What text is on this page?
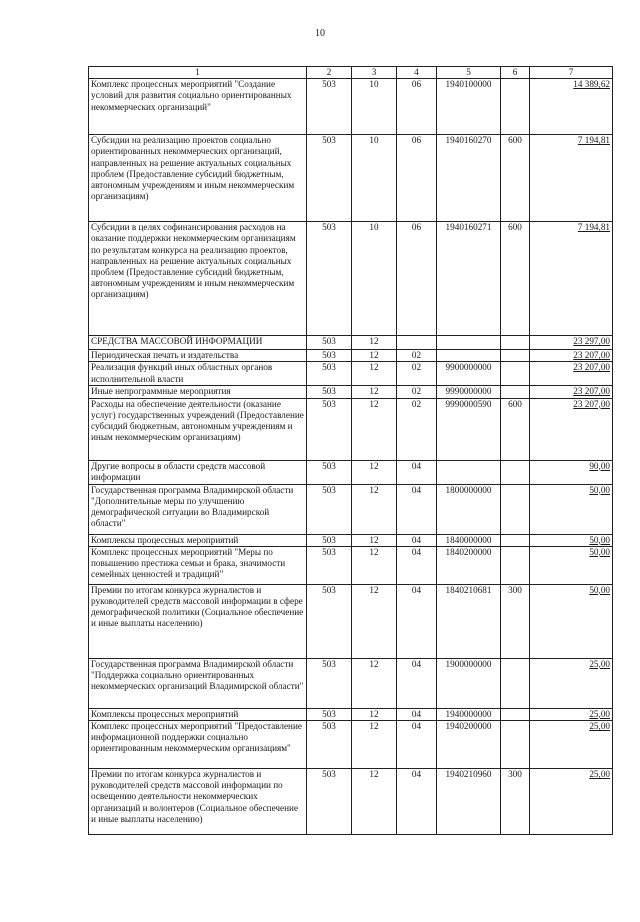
10
1	2	3	4	5	6	7
Комплекс процессных мероприятий "Создание условий для развития социально ориентированных некоммерческих организаций"	503	10	06	1940100000		14 389,62
Субсидии на реализацию проектов социально ориентированных некоммерческих организаций, направленных на решение актуальных социальных проблем (Предоставление субсидий бюджетным, автономным учреждениям и иным некоммерческим организациям)	503	10	06	1940160270	600	7 194,81
Субсидии в целях софинансирования расходов на оказание поддержки некоммерческим организациям по результатам конкурса на реализацию проектов, направленных на решение актуальных социальных проблем (Предоставление субсидий бюджетным, автономным учреждениям и иным некоммерческим организациям)	503	10	06	1940160271	600	7 194,81
СРЕДСТВА МАССОВОЙ ИНФОРМАЦИИ	503	12				23 297,00
Периодическая печать и издательства	503	12	02			23 207,00
Реализация функций иных областных органов исполнительной власти	503	12	02	9900000000		23 207,00
Иные непрограммные мероприятия	503	12	02	9990000000		23 207,00
Расходы на обеспечение деятельности (оказание услуг) государственных учреждений (Предоставление субсидий бюджетным, автономным учреждениям и иным некоммерческим организациям)	503	12	02	9990000590	600	23 207,00
Другие вопросы в области средств массовой информации	503	12	04			90,00
Государственная программа Владимирской области "Дополнительные меры по улучшению демографической ситуации во Владимирской области"	503	12	04	1800000000		50,00
Комплексы процессных мероприятий	503	12	04	1840000000		50,00
Комплекс процессных мероприятий "Меры по повышению престижа семьи и брака, значимости семейных ценностей и традиций"	503	12	04	1840200000		50,00
Премии по итогам конкурса журналистов и руководителей средств массовой информации в сфере демографической политики (Социальное обеспечение и иные выплаты населению)	503	12	04	1840210681	300	50,00
Государственная программа Владимирской области "Поддержка социально ориентированных некоммерческих организаций Владимирской области"	503	12	04	1900000000		25,00
Комплексы процессных мероприятий	503	12	04	1940000000		25,00
Комплекс процессных мероприятий "Предоставление информационной поддержки социально ориентированным некоммерческим организациям"	503	12	04	1940200000		25,00
Премии по итогам конкурса журналистов и руководителей средств массовой информации по освещению деятельности некоммерческих организаций и волонтеров (Социальное обеспечение и иные выплаты населению)	503	12	04	1940210960	300	25,00
